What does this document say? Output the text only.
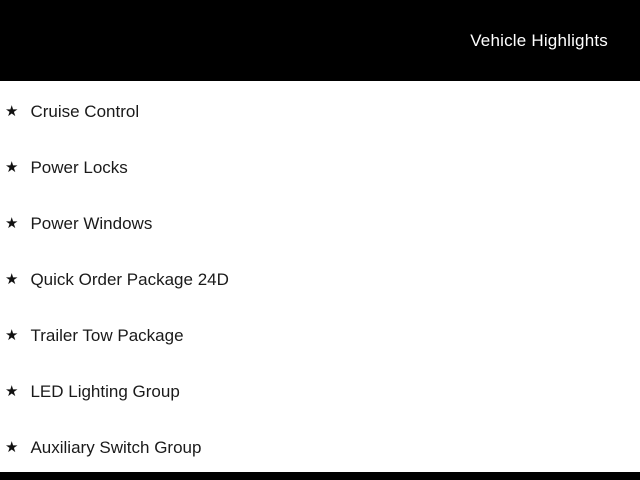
Vehicle Highlights
★ Cruise Control
★ Power Locks
★ Power Windows
★ Quick Order Package 24D
★ Trailer Tow Package
★ LED Lighting Group
★ Auxiliary Switch Group
